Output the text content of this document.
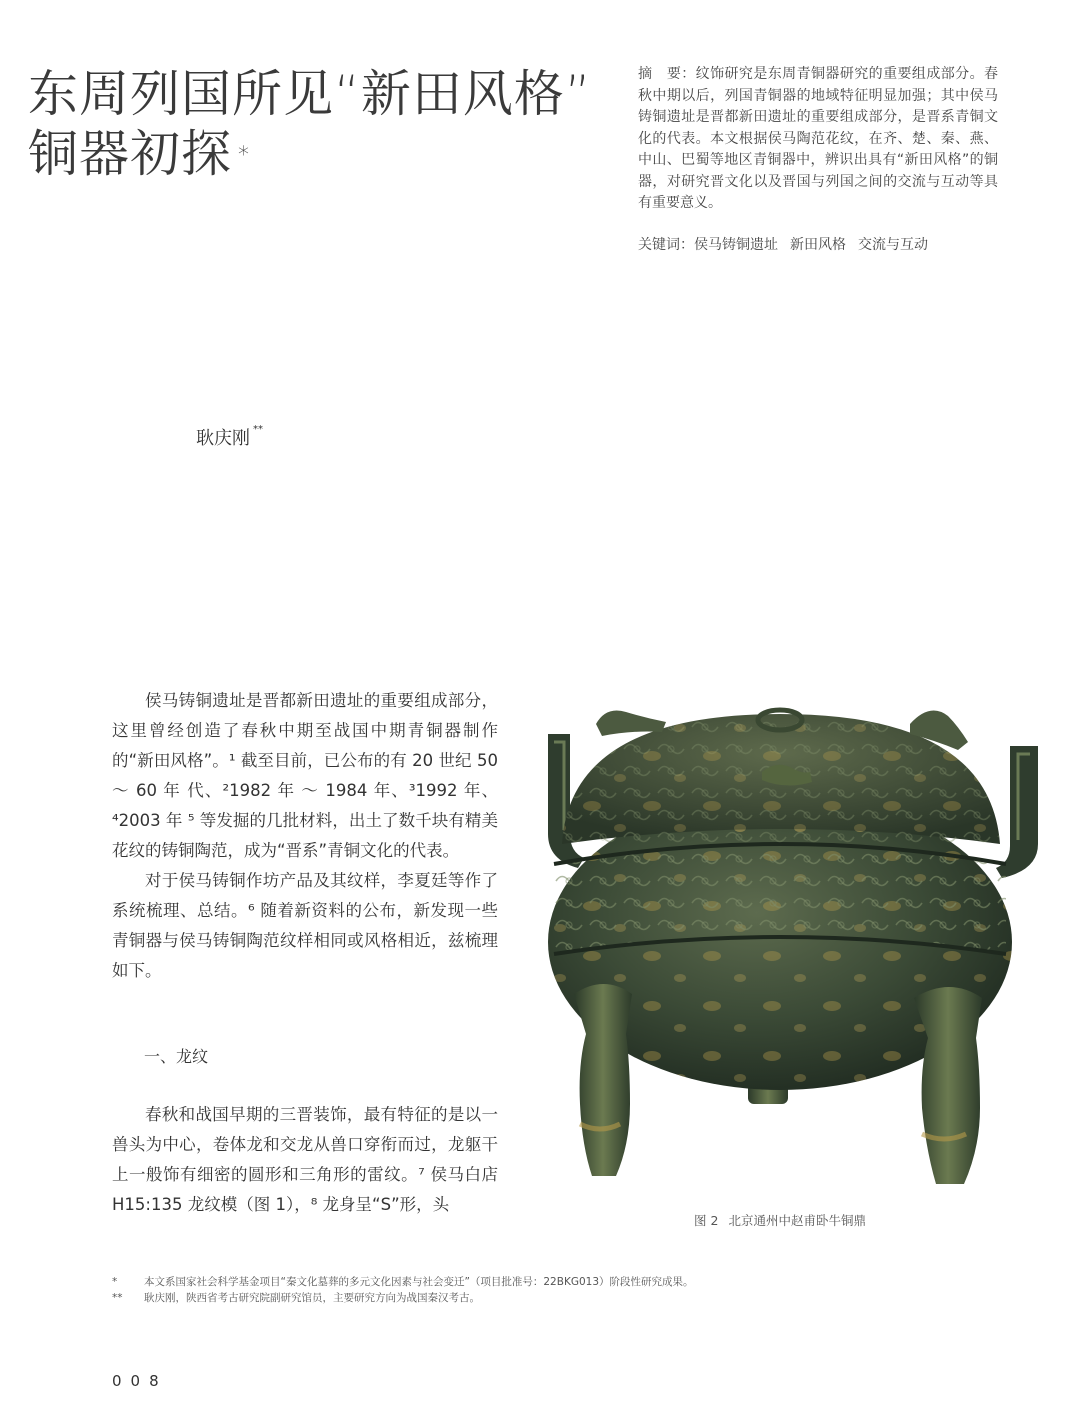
东周列国所见“新田风格”
铜器初探 *
摘　要：纹饰研究是东周青铜器研究的重要组成部分。春秋中期以后，列国青铜器的地域特征明显加强；其中侯马铸铜遗址是晋都新田遗址的重要组成部分，是晋系青铜文化的代表。本文根据侯马陶范花纹，在齐、楚、秦、燕、中山、巴蜀等地区青铜器中，辨识出具有“新田风格”的铜器，对研究晋文化以及晋国与列国之间的交流与互动等具有重要意义。
关键词：侯马铸铜遗址 新田风格 交流与互动
耿庆刚 **

侯马铸铜遗址是晋都新田遗址的重要组成部分，这里曾经创造了春秋中期至战国中期青铜器制作的“新田风格”。¹ 截至目前，已公布的有 20 世纪 50 ～ 60 年 代、²1982 年 ～ 1984 年、³1992 年、⁴2003 年 ⁵ 等发掘的几批材料，出土了数千块有精美花纹的铸铜陶范，成为“晋系”青铜文化的代表。

对于侯马铸铜作坊产品及其纹样，李夏廷等作了系统梳理、总结。⁶ 随着新资料的公布，新发现一些青铜器与侯马铸铜陶范纹样相同或风格相近，兹梳理如下。

一、龙纹

春秋和战国早期的三晋装饰，最有特征的是以一兽头为中心，卷体龙和交龙从兽口穿衔而过，龙躯干上一般饰有细密的圆形和三角形的雷纹。⁷ 侯马白店 H15:135 龙纹模（图 1），⁸ 龙身呈“S”形，头

图 2 北京通州中赵甫卧牛铜鼎
*	本文系国家社会科学基金项目“秦文化墓葬的多元文化因素与社会变迁”（项目批准号：22BKG013）阶段性研究成果。
**	耿庆刚，陕西省考古研究院副研究馆员，主要研究方向为战国秦汉考古。
008
